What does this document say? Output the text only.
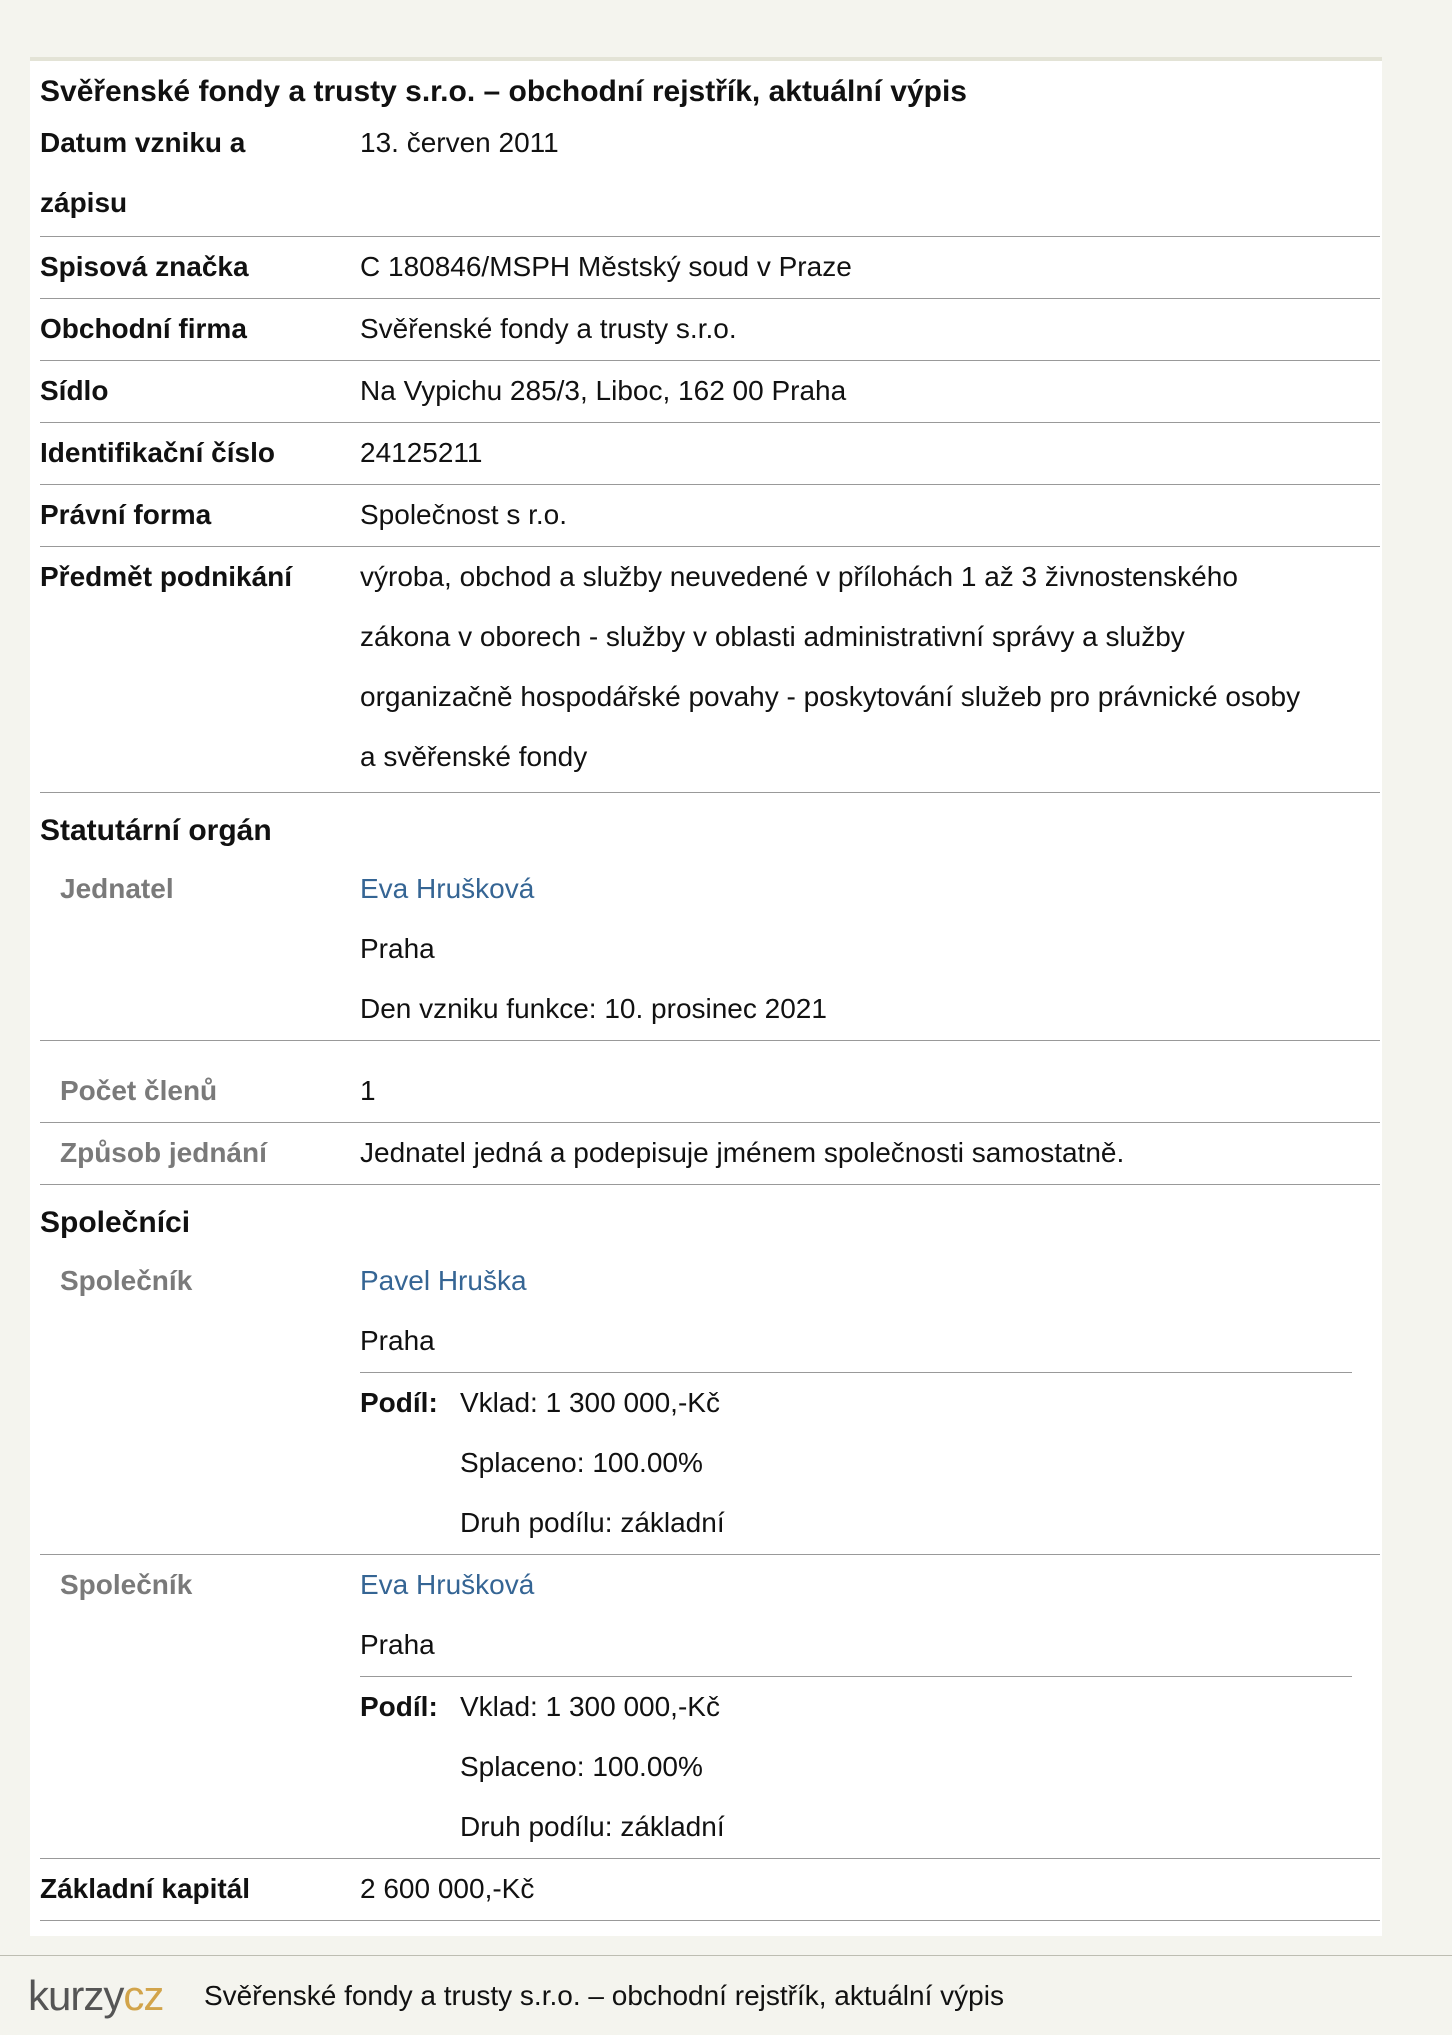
Svěřenské fondy a trusty s.r.o. – obchodní rejstřík, aktuální výpis
Datum vzniku a
zápisu
13. červen 2011
Spisová značka	C 180846/MSPH Městský soud v Praze
Obchodní firma	Svěřenské fondy a trusty s.r.o.
Sídlo	Na Vypichu 285/3, Liboc, 162 00 Praha
Identifikační číslo	24125211
Právní forma	Společnost s r.o.
Předmět podnikání výroba, obchod a služby neuvedené v přílohách 1 až 3 živnostenského
zákona v oborech - služby v oblasti administrativní správy a služby
organizačně hospodářské povahy - poskytování služeb pro právnické osoby
a svěřenské fondy
Statutární orgán
Jednatel	Eva Hrušková
Praha
Den vzniku funkce: 10. prosinec 2021
Počet členů	1
Způsob jednání	Jednatel jedná a podepisuje jménem společnosti samostatně.
Společníci
Společník	Pavel Hruška
Praha
Podíl: Vklad: 1 300 000,-Kč
Splaceno: 100.00%
Druh podílu: základní
Společník	Eva Hrušková
Praha
Podíl: Vklad: 1 300 000,-Kč
Splaceno: 100.00%
Druh podílu: základní
Základní kapitál	2 600 000,-Kč
kurzycz Svěřenské fondy a trusty s.r.o. – obchodní rejstřík, aktuální výpis
